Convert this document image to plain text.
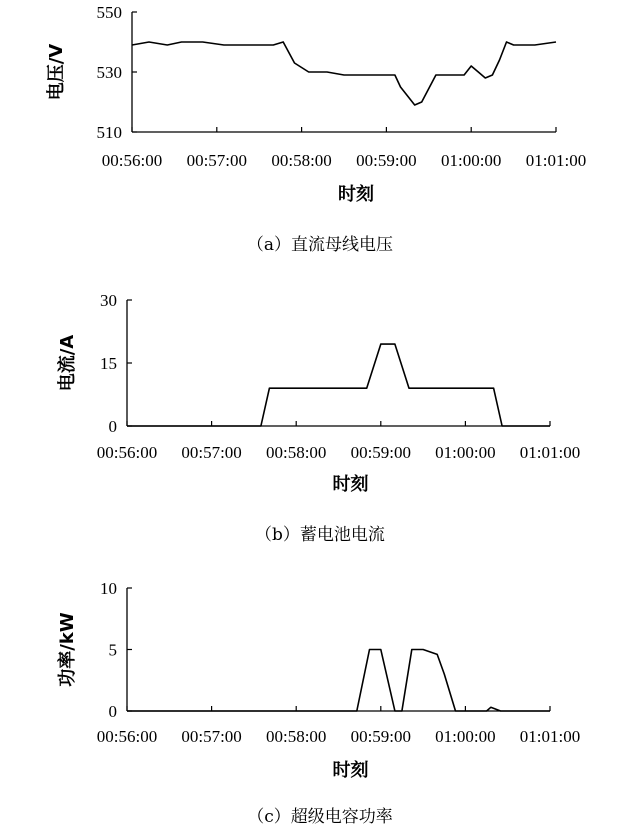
510
530
550
00:56:00 00:57:00 00:58:00 00:59:00 01:00:00 01:01:00
时刻
电压/V
（a）直流母线电压
0
15
30
00:56:00 00:57:00 00:58:00 00:59:00 01:00:00 01:01:00
时刻
电流/A
（b）蓄电池电流
0
5
10
00:56:00 00:57:00 00:58:00 00:59:00 01:00:00 01:01:00
时刻
功率/kW
（c）超级电容功率
